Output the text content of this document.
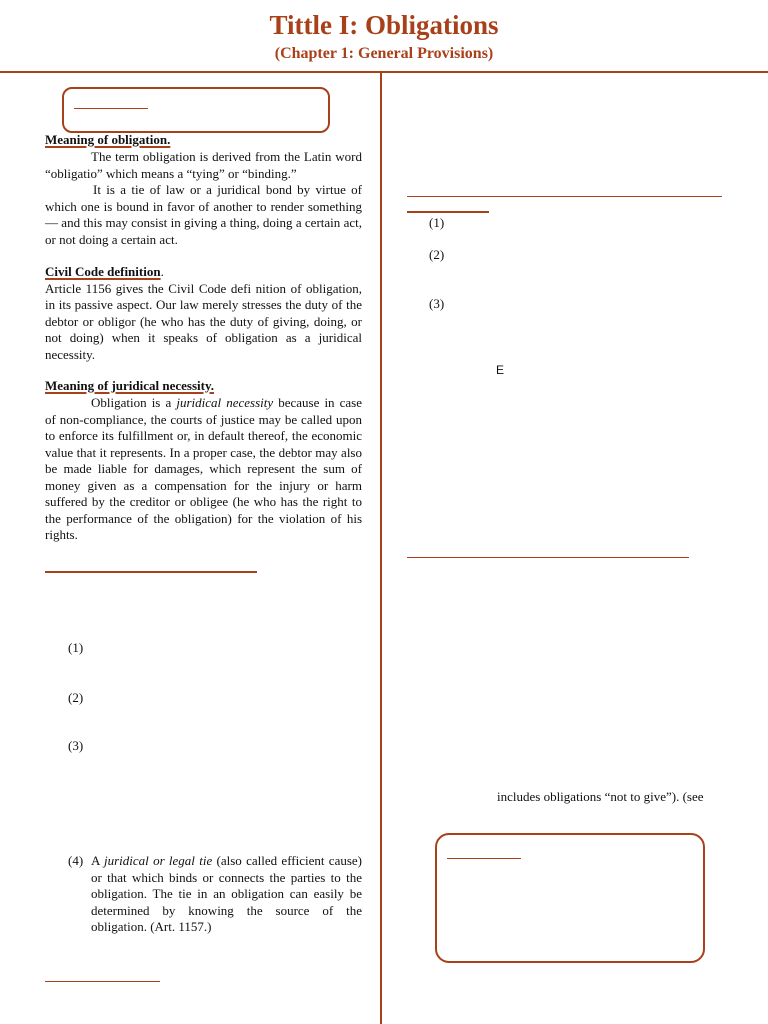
Tittle I: Obligations
(Chapter 1: General Provisions)
Meaning of obligation.
The term obligation is derived from the Latin word “obligatio” which means a “tying” or “binding.”
It is a tie of law or a juridical bond by virtue of which one is bound in favor of another to render something — and this may consist in giving a thing, doing a certain act, or not doing a certain act.
Civil Code definition.
Article 1156 gives the Civil Code defi nition of obligation, in its passive aspect. Our law merely stresses the duty of the debtor or obligor (he who has the duty of giving, doing, or not doing) when it speaks of obligation as a juridical necessity.
Meaning of juridical necessity.
Obligation is a juridical necessity because in case of non-compliance, the courts of justice may be called upon to enforce its fulfillment or, in default thereof, the economic value that it represents. In a proper case, the debtor may also be made liable for damages, which represent the sum of money given as a compensation for the injury or harm suffered by the creditor or obligee (he who has the right to the performance of the obligation) for the violation of his rights.
(1)
(2)
(3)
(4) A juridical or legal tie (also called efficient cause) or that which binds or connects the parties to the obligation. The tie in an obligation can easily be determined by knowing the source of the obligation. (Art. 1157.)
(1)
(2)
(3)
E
includes obligations “not to give”). (see
